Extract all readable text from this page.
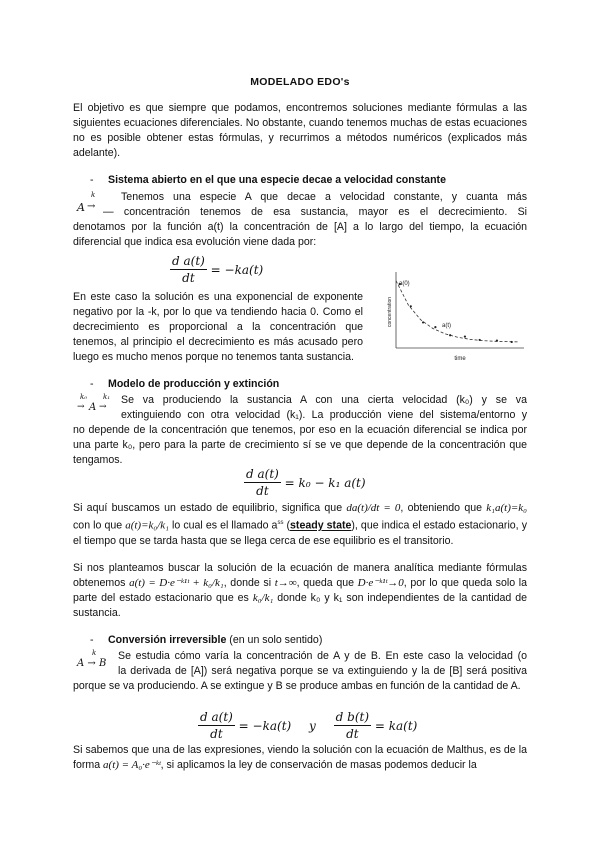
MODELADO EDO's
El objetivo es que siempre que podamos, encontremos soluciones mediante fórmulas a las siguientes ecuaciones diferenciales. No obstante, cuando tenemos muchas de estas ecuaciones no es posible obtener estas fórmulas, y recurrimos a métodos numéricos (explicados más adelante).
- Sistema abierto en el que una especie decae a velocidad constante
k
A →
Tenemos una especie A que decae a velocidad constante, y cuanta más
— concentración tenemos de esa sustancia, mayor es el decrecimiento. Si
denotamos por la función a(t) la concentración de [A] a lo largo del tiempo, la ecuación diferencial que indica esa evolución viene dada por:
$\frac{\text{d a(t)}}{dt} = -ka(t)$
En este caso la solución es una exponencial de exponente negativo por la -k, por lo que va tendiendo hacia 0. Como el decrecimiento es proporcional a la concentración que tenemos, al principio el decrecimiento es más acusado pero luego es mucho menos porque no tenemos tanta sustancia.
a(0)
a(t)
time
concentration
- Modelo de producción y extinción
k₀ k₁
→ A →
Se va produciendo la sustancia A con una cierta velocidad (k₀) y se va
extinguiendo con otra velocidad (k₁). La producción viene del sistema/entorno y
no depende de la concentración que tenemos, por eso en la ecuación diferencial se indica por una parte k₀, pero para la parte de crecimiento sí se ve que depende de la concentración que tengamos.
$\frac{\text{d a(t)}}{dt} = k_0 - k_1$ a(t)
Si aquí buscamos un estado de equilibrio, significa que da(t)/dt = 0, obteniendo que k₁a(t)=k₀ con lo que a(t)=k₀/k₁ lo cual es el llamado $a^{ss}$ (steady state), que indica el estado estacionario, y el tiempo que se tarda hasta que se llega cerca de ese equilibrio es el transitorio.
Si nos planteamos buscar la solución de la ecuación de manera analítica mediante fórmulas obtenemos a(t) = D·e⁻ᵏ¹ᵗ + k₀/k₁, donde si t→∞, queda que D·e⁻ᵏ¹ᵗ→0, por lo que queda solo la parte del estado estacionario que es k₀/k₁ donde k₀ y k₁ son independientes de la cantidad de sustancia.
- Conversión irreversible (en un solo sentido)
k
A → B
Se estudia cómo varía la concentración de A y de B. En este caso la velocidad (o
la derivada de [A]) será negativa porque se va extinguiendo y la de [B] será positiva
porque se va produciendo. A se extingue y B se produce ambas en función de la cantidad de A.
$\frac{\text{d a(t)}}{dt} = -ka(t)$ y $\frac{\text{d b(t)}}{dt} = ka(t)$
Si sabemos que una de las expresiones, viendo la solución con la ecuación de Malthus, es de la forma a(t) = A₀·e⁻ᵏᵗ, si aplicamos la ley de conservación de masas podemos deducir la
